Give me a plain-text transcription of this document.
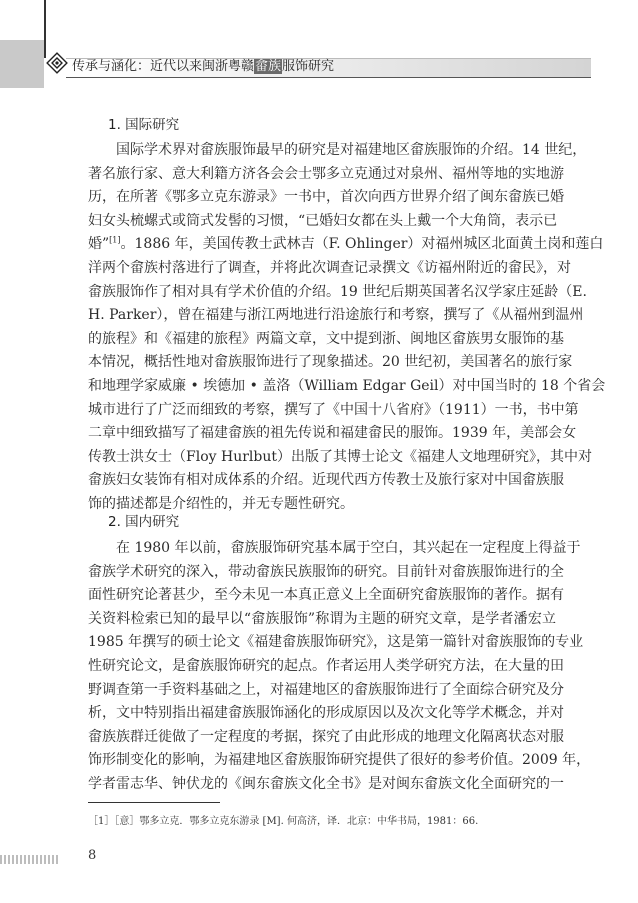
传承与涵化：近代以来闽浙粤赣畲族服饰研究
1. 国际研究
国际学术界对畲族服饰最早的研究是对福建地区畲族服饰的介绍。14 世纪，
著名旅行家、意大利籍方济各会会士鄂多立克通过对泉州、福州等地的实地游
历，在所著《鄂多立克东游录》一书中，首次向西方世界介绍了闽东畲族已婚
妇女头梳螺式或筒式发髻的习惯，“已婚妇女都在头上戴一个大角筒，表示已
婚”[1]。1886 年，美国传教士武林吉（F. Ohlinger）对福州城区北面黄土岗和莲白
洋两个畲族村落进行了调查，并将此次调查记录撰文《访福州附近的畲民》，对
畲族服饰作了相对具有学术价值的介绍。19 世纪后期英国著名汉学家庄延龄（E.
H. Parker），曾在福建与浙江两地进行沿途旅行和考察，撰写了《从福州到温州
的旅程》和《福建的旅程》两篇文章，文中提到浙、闽地区畲族男女服饰的基
本情况，概括性地对畲族服饰进行了现象描述。20 世纪初，美国著名的旅行家
和地理学家威廉 • 埃德加 • 盖洛（William Edgar Geil）对中国当时的 18 个省会
城市进行了广泛而细致的考察，撰写了《中国十八省府》（1911）一书，书中第
二章中细致描写了福建畲族的祖先传说和福建畲民的服饰。1939 年，美部会女
传教士洪女士（Floy Hurlbut）出版了其博士论文《福建人文地理研究》，其中对
畲族妇女装饰有相对成体系的介绍。近现代西方传教士及旅行家对中国畲族服
饰的描述都是介绍性的，并无专题性研究。
2. 国内研究
在 1980 年以前，畲族服饰研究基本属于空白，其兴起在一定程度上得益于
畲族学术研究的深入，带动畲族民族服饰的研究。目前针对畲族服饰进行的全
面性研究论著甚少，至今未见一本真正意义上全面研究畲族服饰的著作。据有
关资料检索已知的最早以“畲族服饰”称谓为主题的研究文章，是学者潘宏立
1985 年撰写的硕士论文《福建畲族服饰研究》，这是第一篇针对畲族服饰的专业
性研究论文，是畲族服饰研究的起点。作者运用人类学研究方法，在大量的田
野调查第一手资料基础之上，对福建地区的畲族服饰进行了全面综合研究及分
析，文中特别指出福建畲族服饰涵化的形成原因以及次文化等学术概念，并对
畲族族群迁徙做了一定程度的考据，探究了由此形成的地理文化隔离状态对服
饰形制变化的影响，为福建地区畲族服饰研究提供了很好的参考价值。2009 年，
学者雷志华、钟伏龙的《闽东畲族文化全书》是对闽东畲族文化全面研究的一
［1］［意］鄂多立克．鄂多立克东游录 [M]. 何高济，译．北京：中华书局，1981：66.
8
